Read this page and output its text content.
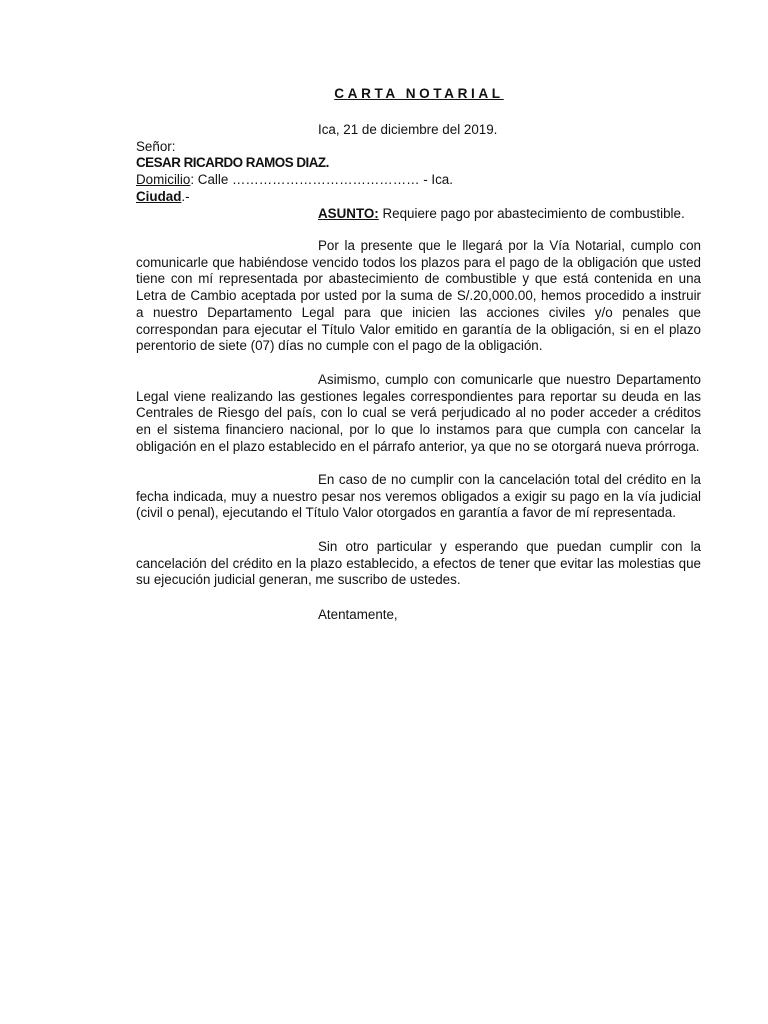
CARTA NOTARIAL
Ica, 21 de diciembre del 2019.
Señor:
CESAR RICARDO RAMOS DIAZ.
Domicilio: Calle …………………………………… - Ica.
Ciudad.-
ASUNTO: Requiere pago por abastecimiento de combustible.

Por la presente que le llegará por la Vía Notarial, cumplo con comunicarle que habiéndose vencido todos los plazos para el pago de la obligación que usted tiene con mí representada por abastecimiento de combustible y que está contenida en una Letra de Cambio aceptada por usted por la suma de S/.20,000.00, hemos procedido a instruir a nuestro Departamento Legal para que inicien las acciones civiles y/o penales que correspondan para ejecutar el Título Valor emitido en garantía de la obligación, si en el plazo perentorio de siete (07) días no cumple con el pago de la obligación.

Asimismo, cumplo con comunicarle que nuestro Departamento Legal viene realizando las gestiones legales correspondientes para reportar su deuda en las Centrales de Riesgo del país, con lo cual se verá perjudicado al no poder acceder a créditos en el sistema financiero nacional, por lo que lo instamos para que cumpla con cancelar la obligación en el plazo establecido en el párrafo anterior, ya que no se otorgará nueva prórroga.

En caso de no cumplir con la cancelación total del crédito en la fecha indicada, muy a nuestro pesar nos veremos obligados a exigir su pago en la vía judicial (civil o penal), ejecutando el Título Valor otorgados en garantía a favor de mí representada.

Sin otro particular y esperando que puedan cumplir con la cancelación del crédito en la plazo establecido, a efectos de tener que evitar las molestias que su ejecución judicial generan, me suscribo de ustedes.

Atentamente,
